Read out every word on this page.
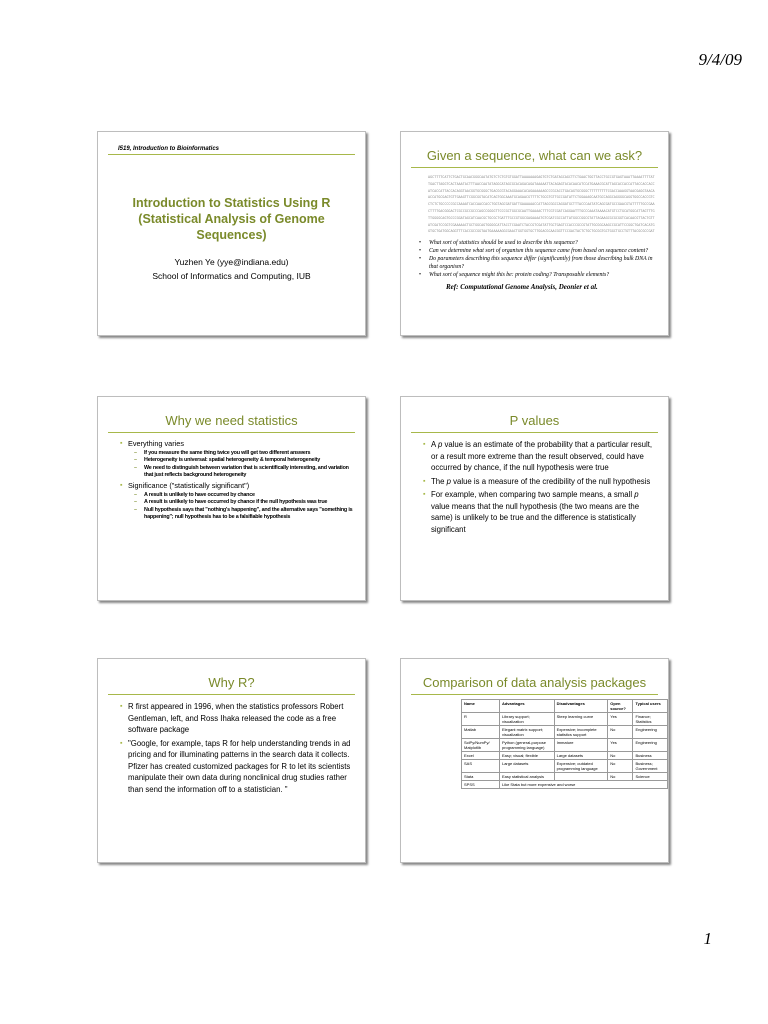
9/4/09
I519, Introduction to Bioinformatics
Introduction to Statistics Using R
(Statistical Analysis of Genome
Sequences)
Yuzhen Ye (yye@indiana.edu)
School of Informatics and Computing, IUB
Given a sequence, what can we ask?
AGCTTTTCATTCTGACTGCAACGGGCAATATGTCTCTGTGTGGATTAAAAAAAGAGTGTCTGATAGCAGCTTCTGAACTGGTTACCTGCCGTGAGTAAATTAAAATTTTATTGACTTAGGTCACTAAATACTTTAACCAATATAGGCATAGCGCACAGACAGATAAAAATTACAGAGTACACAACATCCATGAAACGCATTAGCACCACCATTACCACCACCATCACCATTACCACAGGTAACGGTGCGGGCTGACGCGTACAGGAAACACAGAAAAAAGCCCGCACCTGACAGTGCGGGCTTTTTTTTTCGACCAAAGGTAACGAGGTAACAACCATGCGAGTGTTGAAGTTCGGCGGTACATCAGTGGCAAATGCAGAACGTTTTCTGCGTGTTGCCGATATTCTGGAAAGCAATGCCAGGCAGGGGCAGGTGGCCACCGTCCTCTCTGCCCCCGCCAAAATCACCAACCACCTGGTAGCGATGATTGAAAAAACCATTAGCGGCCAGGATGCTTTACCCAATATCAGCGATGCCGAACGTATTTTTGCCGAACTTTTGACGGGACTCGCCGCCGCCCAGCCGGGGTTCCCGCTGGCGCAATTGAAAACTTTCGTCGATCAGGAATTTGCCCAAATAAAACATGTCCTGCATGGCATTAGTTTGTTGGGGCAGTGCCCGGATAGCATCAACGCTGCGCTGATTTGCCGTGGCGAGAAAATGTCGATCGCCATTATGGCCGGCGTATTAGAAGCGCGCGGTCACAACGTTACTGTTATCGATCCGGTCGAAAAACTGCTGGCAGTGGGGCATTACCTCGAATCTACCGTCGATATTGCTGAGTCCACCCGCCGTATTGCGGCAAGCCGCATTCCGGCTGATCACATGGTGCTGATGGCAGGTTTCACCGCCGGTAATGAAAAAGGCGAACTGGTGGTGCTTGGACGCAACGGTTCCGACTACTCTGCTGCGGTGCTGGCTGCCTGTTTACGCGCCGAT
• What sort of statistics should be used to describe this sequence?
• Can we determine what sort of organism this sequence came from based on sequence content?
• Do parameters describing this sequence differ (significantly) from those describing bulk DNA in that organism?
• What sort of sequence might this be: protein coding? Transposable elements?
Ref: Computational Genome Analysis, Deonier et al.
Why we need statistics
▪ Everything varies
– If you measure the same thing twice you will get two different answers
– Heterogeneity is universal: spatial heterogeneity & temporal heterogeneity
– We need to distinguish between variation that is scientifically interesting, and variation that just reflects background heterogeneity
▪ Significance ("statistically significant")
– A result is unlikely to have occurred by chance
– A result is unlikely to have occurred by chance if the null hypothesis was true
– Null hypothesis says that "nothing's happening", and the alternative says "something is happening"; null hypothesis has to be a falsifiable hypothesis
P values
▪ A p value is an estimate of the probability that a particular result, or a result more extreme than the result observed, could have occurred by chance, if the null hypothesis were true
▪ The p value is a measure of the credibility of the null hypothesis
▪ For example, when comparing two sample means, a small p value means that the null hypothesis (the two means are the same) is unlikely to be true and the difference is statistically significant
Why R?
▪ R first appeared in 1996, when the statistics professors Robert Gentleman, left, and Ross Ihaka released the code as a free software package
▪ "Google, for example, taps R for help understanding trends in ad pricing and for illuminating patterns in the search data it collects. Pfizer has created customized packages for R to let its scientists manipulate their own data during nonclinical drug studies rather than send the information off to a statistician. "
Comparison of data analysis packages
Name	Advantages	Disadvantages	Open source?	Typical users
R	Library support; visualization	Steep learning curve	Yes	Finance; Statistics
Matlab	Elegant matrix support; visualization	Expensive; incomplete statistics support	No	Engineering
SciPy/NumPy/ Matplotlib	Python (general-purpose programming language)	Immature	Yes	Engineering
Excel	Easy; visual; flexible	Large datasets	No	Business
SAS	Large datasets	Expensive; outdated programming language	No	Business; Government
Stata	Easy statistical analysis		No	Science
SPSS	Like Stata but more expensive and worse			
1
